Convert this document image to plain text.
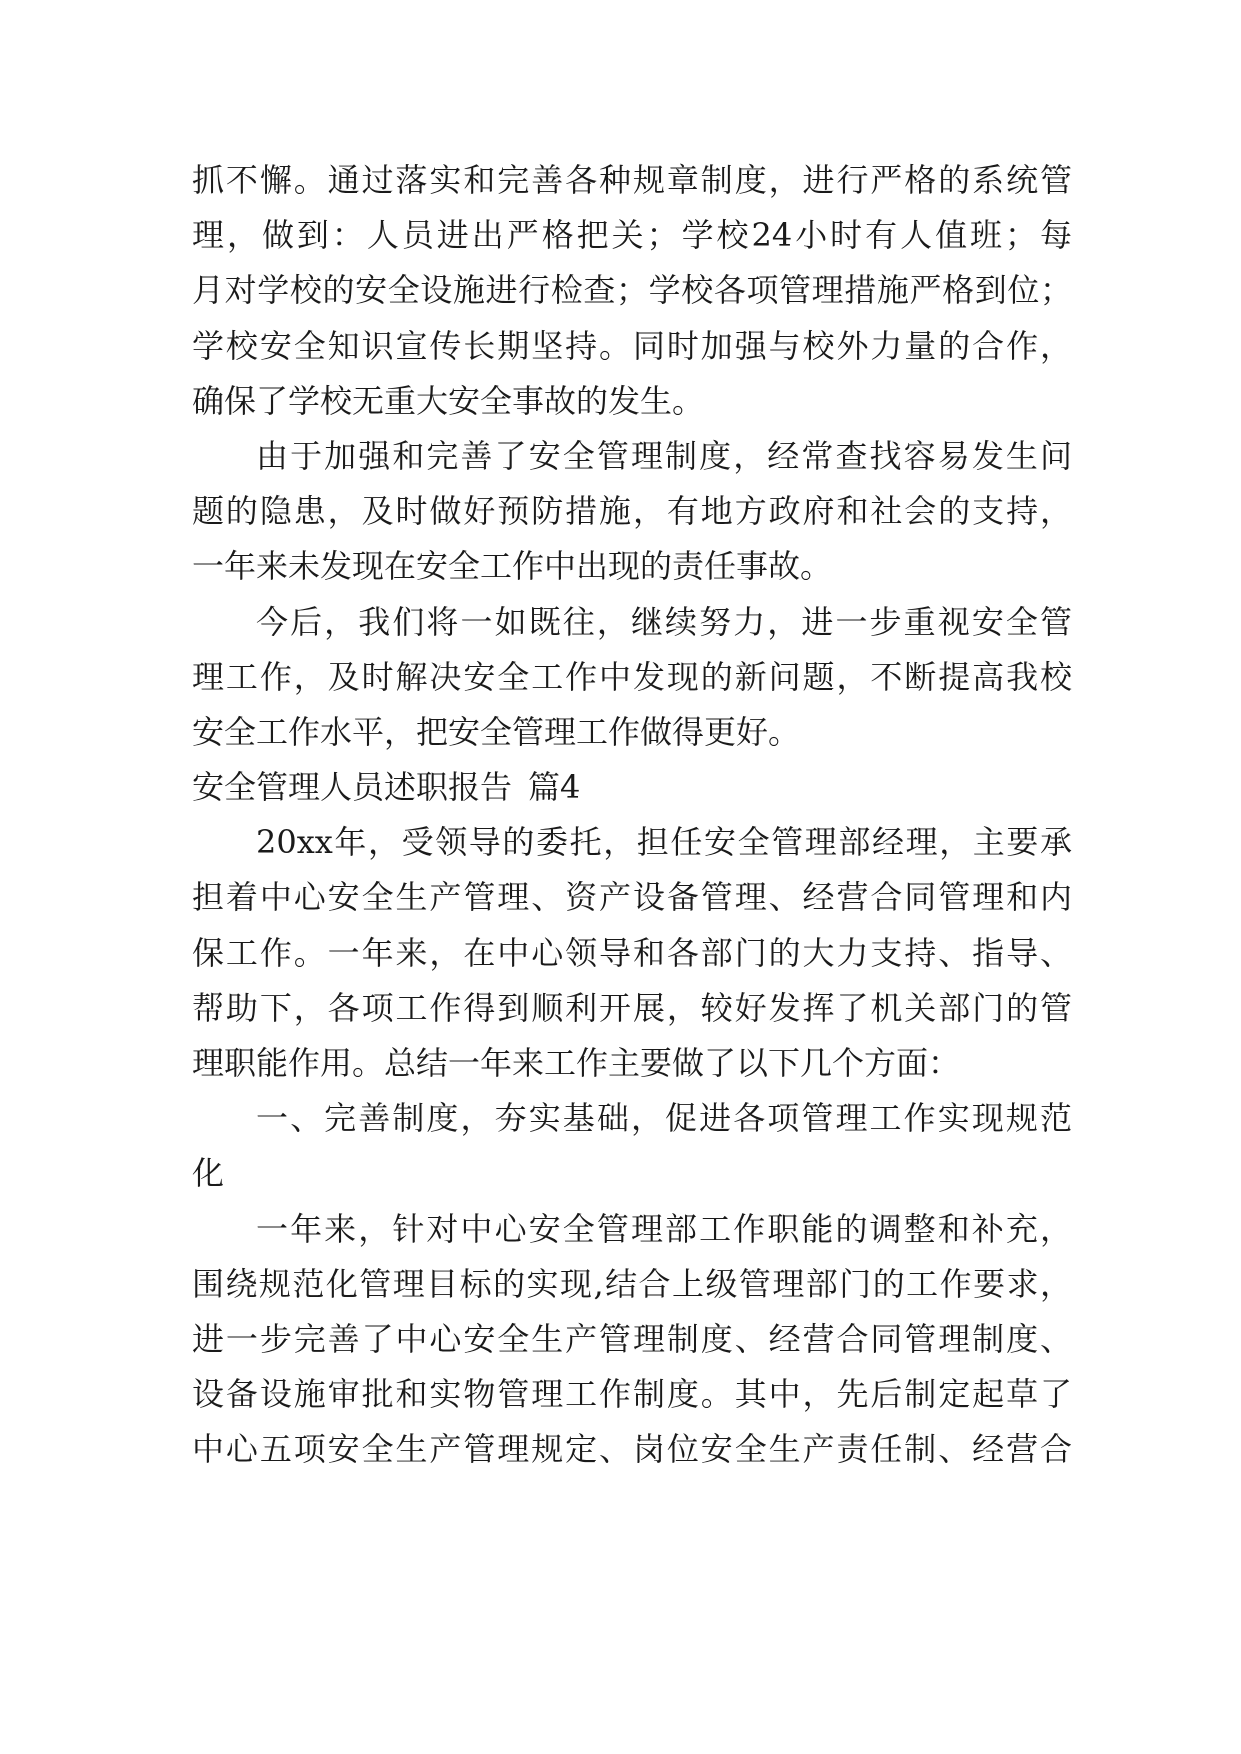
抓不懈。通过落实和完善各种规章制度，进行严格的系统管
理，做到：人员进出严格把关；学校24小时有人值班；每
月对学校的安全设施进行检查；学校各项管理措施严格到位；
学校安全知识宣传长期坚持。同时加强与校外力量的合作，
确保了学校无重大安全事故的发生。
由于加强和完善了安全管理制度，经常查找容易发生问
题的隐患，及时做好预防措施，有地方政府和社会的支持，
一年来未发现在安全工作中出现的责任事故。
今后，我们将一如既往，继续努力，进一步重视安全管
理工作，及时解决安全工作中发现的新问题，不断提高我校
安全工作水平，把安全管理工作做得更好。
安全管理人员述职报告 篇4
20xx年，受领导的委托，担任安全管理部经理，主要承
担着中心安全生产管理、资产设备管理、经营合同管理和内
保工作。一年来，在中心领导和各部门的大力支持、指导、
帮助下，各项工作得到顺利开展，较好发挥了机关部门的管
理职能作用。总结一年来工作主要做了以下几个方面：
一、完善制度，夯实基础，促进各项管理工作实现规范
化
一年来，针对中心安全管理部工作职能的调整和补充，
围绕规范化管理目标的实现,结合上级管理部门的工作要求，
进一步完善了中心安全生产管理制度、经营合同管理制度、
设备设施审批和实物管理工作制度。其中，先后制定起草了
中心五项安全生产管理规定、岗位安全生产责任制、经营合
